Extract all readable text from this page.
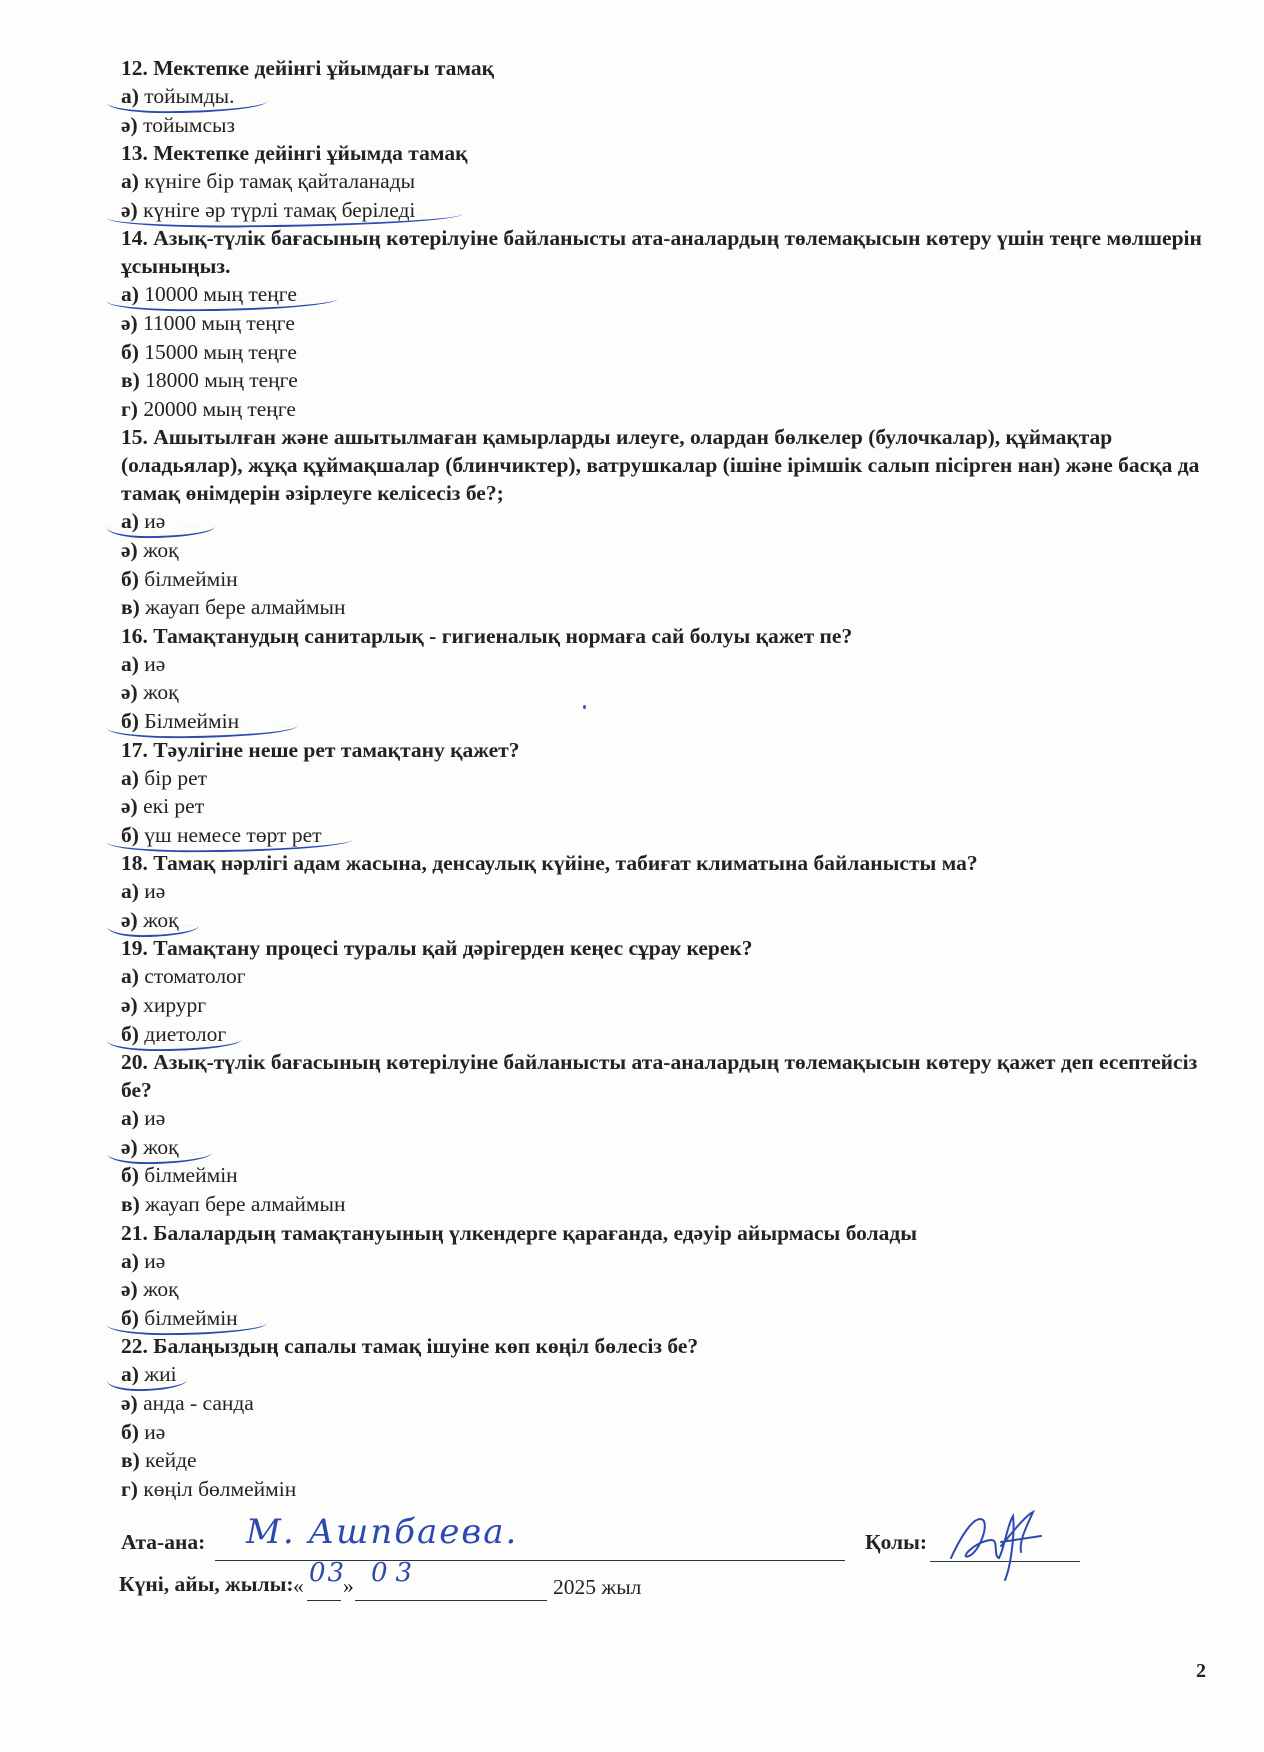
12. Мектепке дейінгі ұйымдағы тамақ

а) тойымды.
ә) тойымсыз

13. Мектепке дейінгі ұйымда тамақ

а) күніге бір тамақ қайталанады
ә) күніге әр түрлі тамақ беріледі

14. Азық-түлік бағасының көтерілуіне байланысты ата-аналардың төлемақысын көтеру үшін теңге мөлшерін ұсыныңыз.

а) 10000 мың теңге
ә) 11000 мың теңге
б) 15000 мың теңге
в) 18000 мың теңге
г) 20000 мың теңге

15. Ашытылған және ашытылмаған қамырларды илеуге, олардан бөлкелер (булочкалар), құймақтар (оладьялар), жұқа құймақшалар (блинчиктер), ватрушкалар (ішіне ірімшік салып пісірген нан) және басқа да тамақ өнімдерін әзірлеуге келісесіз бе?;

а) иә
ә) жоқ
б) білмеймін
в) жауап бере алмаймын

16. Тамақтанудың санитарлық - гигиеналық нормаға сай болуы қажет пе?

а) иә
ә) жоқ
б) Білмеймін

17. Тәулігіне неше рет тамақтану қажет?

а) бір рет
ә) екі рет
б) үш немесе төрт рет

18. Тамақ нәрлігі адам жасына, денсаулық күйіне, табиғат климатына байланысты ма?

а) иә
ә) жоқ

19. Тамақтану процесі туралы қай дәрігерден кеңес сұрау керек?

а) стоматолог
ә) хирург
б) диетолог

20. Азық-түлік бағасының көтерілуіне байланысты ата-аналардың төлемақысын көтеру қажет деп есептейсіз бе?

а) иә
ә) жоқ
б) білмеймін
в) жауап бере алмаймын

21. Балалардың тамақтануының үлкендерге қарағанда, едәуір айырмасы болады

а) иә
ә) жоқ
б) білмеймін

22. Балаңыздың сапалы тамақ ішуіне көп көңіл бөлесіз бе?

а) жиі
ә) анда - санда
б) иә
в) кейде
г) көңіл бөлмеймін
Ата-ана: М. Ашпбаева.	Қолы:
Күні, айы, жылы: « 03
» 03	2025 жыл
2
